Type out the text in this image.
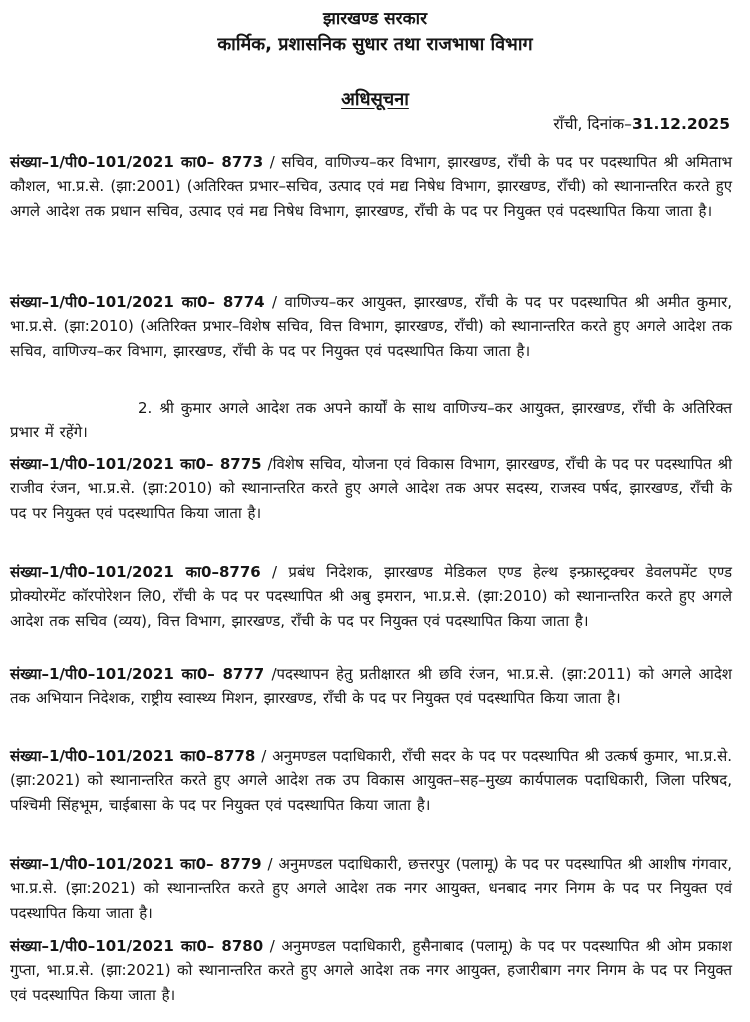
झारखण्ड सरकार
कार्मिक, प्रशासनिक सुधार तथा राजभाषा विभाग
अधिसूचना
राँची, दिनांक–31.12.2025
संख्या–1/पी0–101/2021 का0– 8773 / सचिव, वाणिज्य–कर विभाग, झारखण्ड, राँची के पद पर पदस्थापित श्री अमिताभ कौशल, भा.प्र.से. (झा:2001) (अतिरिक्त प्रभार–सचिव, उत्पाद एवं मद्य निषेध विभाग, झारखण्ड, राँची) को स्थानान्तरित करते हुए अगले आदेश तक प्रधान सचिव, उत्पाद एवं मद्य निषेध विभाग, झारखण्ड, राँची के पद पर नियुक्त एवं पदस्थापित किया जाता है।
संख्या–1/पी0–101/2021 का0– 8774 / वाणिज्य–कर आयुक्त, झारखण्ड, राँची के पद पर पदस्थापित श्री अमीत कुमार, भा.प्र.से. (झा:2010) (अतिरिक्त प्रभार–विशेष सचिव, वित्त विभाग, झारखण्ड, राँची) को स्थानान्तरित करते हुए अगले आदेश तक सचिव, वाणिज्य–कर विभाग, झारखण्ड, राँची के पद पर नियुक्त एवं पदस्थापित किया जाता है।
2. श्री कुमार अगले आदेश तक अपने कार्यों के साथ वाणिज्य–कर आयुक्त, झारखण्ड, राँची के अतिरिक्त प्रभार में रहेंगे।
संख्या–1/पी0–101/2021 का0– 8775 /विशेष सचिव, योजना एवं विकास विभाग, झारखण्ड, राँची के पद पर पदस्थापित श्री राजीव रंजन, भा.प्र.से. (झा:2010) को स्थानान्तरित करते हुए अगले आदेश तक अपर सदस्य, राजस्व पर्षद, झारखण्ड, राँची के पद पर नियुक्त एवं पदस्थापित किया जाता है।
संख्या–1/पी0–101/2021 का0–8776 / प्रबंध निदेशक, झारखण्ड मेडिकल एण्ड हेल्थ इन्फ्रास्ट्रक्चर डेवलपमेंट एण्ड प्रोक्योरमेंट कॉरपोरेशन लि0, राँची के पद पर पदस्थापित श्री अबु इमरान, भा.प्र.से. (झा:2010) को स्थानान्तरित करते हुए अगले आदेश तक सचिव (व्यय), वित्त विभाग, झारखण्ड, राँची के पद पर नियुक्त एवं पदस्थापित किया जाता है।
संख्या–1/पी0–101/2021 का0– 8777 /पदस्थापन हेतु प्रतीक्षारत श्री छवि रंजन, भा.प्र.से. (झा:2011) को अगले आदेश तक अभियान निदेशक, राष्ट्रीय स्वास्थ्य मिशन, झारखण्ड, राँची के पद पर नियुक्त एवं पदस्थापित किया जाता है।
संख्या–1/पी0–101/2021 का0–8778 / अनुमण्डल पदाधिकारी, राँची सदर के पद पर पदस्थापित श्री उत्कर्ष कुमार, भा.प्र.से. (झा:2021) को स्थानान्तरित करते हुए अगले आदेश तक उप विकास आयुक्त–सह–मुख्य कार्यपालक पदाधिकारी, जिला परिषद, पश्चिमी सिंहभूम, चाईबासा के पद पर नियुक्त एवं पदस्थापित किया जाता है।
संख्या–1/पी0–101/2021 का0– 8779 / अनुमण्डल पदाधिकारी, छत्तरपुर (पलामू) के पद पर पदस्थापित श्री आशीष गंगवार, भा.प्र.से. (झा:2021) को स्थानान्तरित करते हुए अगले आदेश तक नगर आयुक्त, धनबाद नगर निगम के पद पर नियुक्त एवं पदस्थापित किया जाता है।
संख्या–1/पी0–101/2021 का0– 8780 / अनुमण्डल पदाधिकारी, हुसैनाबाद (पलामू) के पद पर पदस्थापित श्री ओम प्रकाश गुप्ता, भा.प्र.से. (झा:2021) को स्थानान्तरित करते हुए अगले आदेश तक नगर आयुक्त, हजारीबाग नगर निगम के पद पर नियुक्त एवं पदस्थापित किया जाता है।
